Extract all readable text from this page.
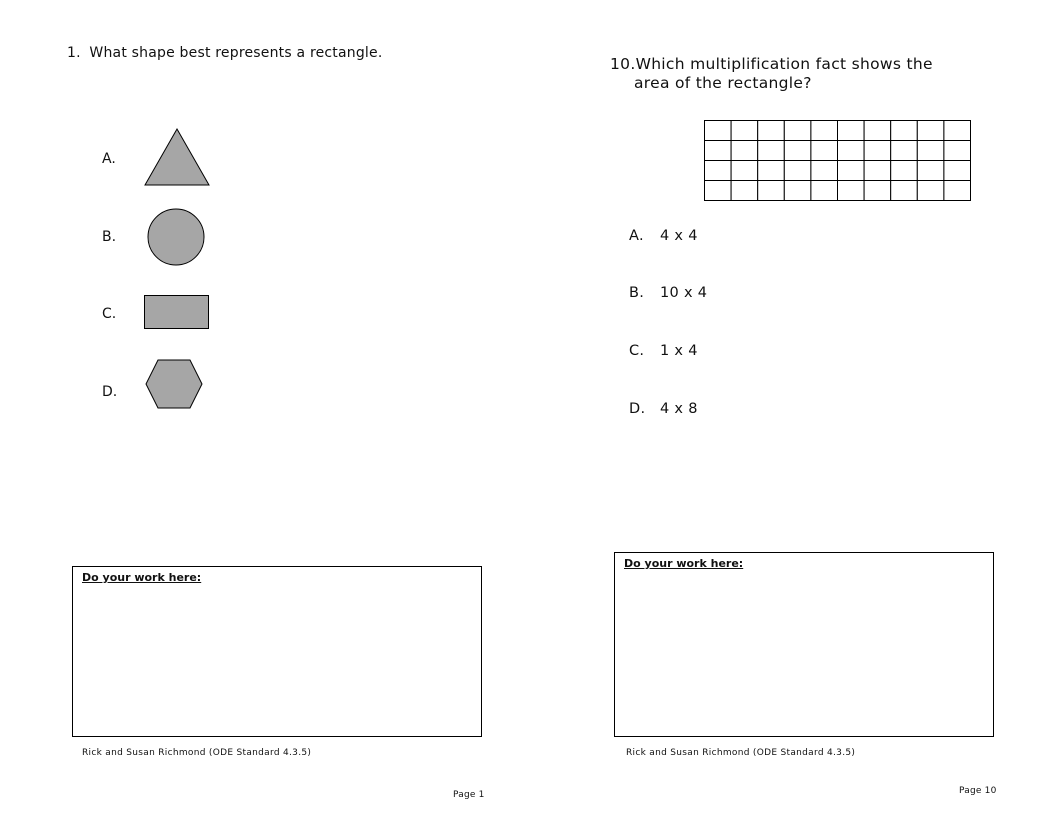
1. What shape best represents a rectangle.
A.
B.
C.
D.
Do your work here:
Rick and Susan Richmond (ODE Standard 4.3.5)
Page 1
10.Which multiplification fact shows the
area of the rectangle?
A. 4 x 4
B. 10 x 4
C. 1 x 4
D. 4 x 8
Do your work here:
Rick and Susan Richmond (ODE Standard 4.3.5)
Page 10
